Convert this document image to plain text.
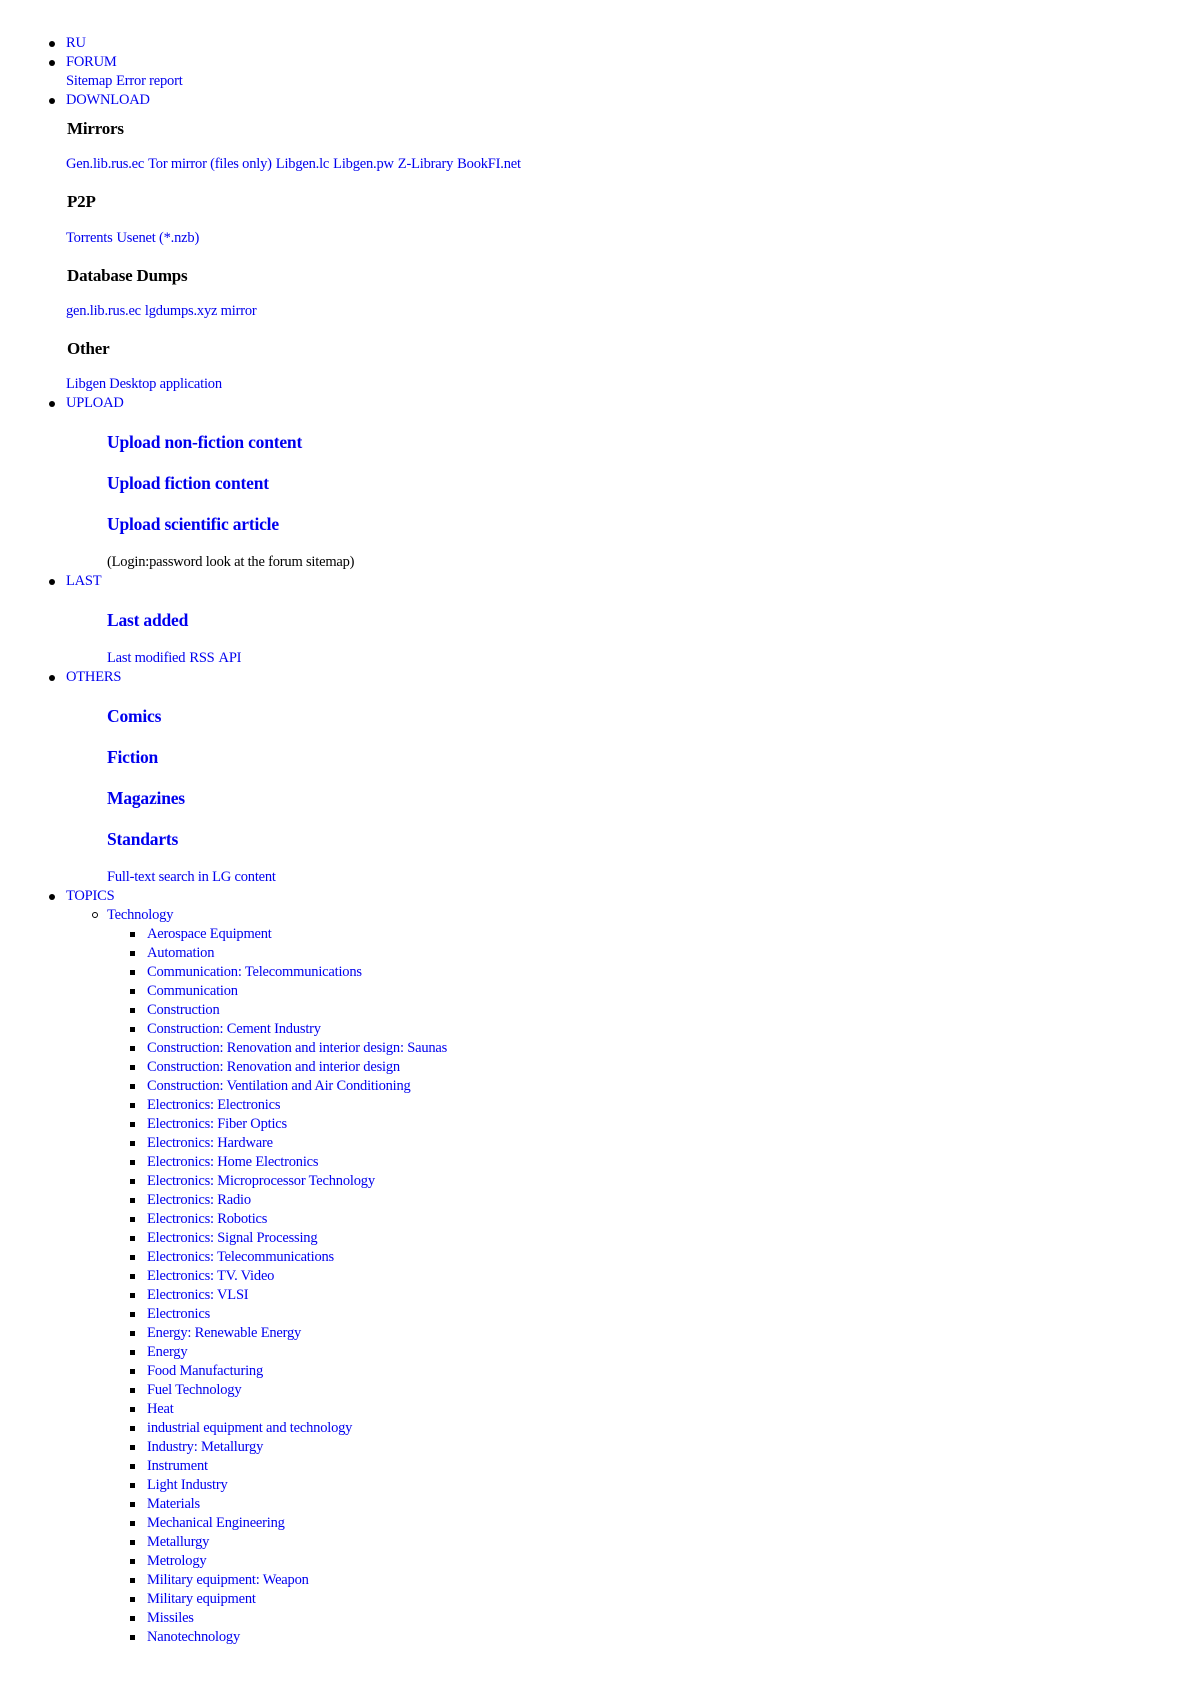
RU
FORUM
Sitemap Error report
DOWNLOAD
Mirrors
Gen.lib.rus.ec Tor mirror (files only) Libgen.lc Libgen.pw Z-Library BookFI.net
P2P
Torrents Usenet (*.nzb)
Database Dumps
gen.lib.rus.ec lgdumps.xyz mirror
Other
Libgen Desktop application
UPLOAD
Upload non-fiction content
Upload fiction content
Upload scientific article
(Login:password look at the forum sitemap)
LAST
Last added
Last modified RSS API
OTHERS
Comics
Fiction
Magazines
Standarts
Full-text search in LG content
TOPICS
Technology
Aerospace Equipment
Automation
Communication: Telecommunications
Communication
Construction
Construction: Cement Industry
Construction: Renovation and interior design: Saunas
Construction: Renovation and interior design
Construction: Ventilation and Air Conditioning
Electronics: Electronics
Electronics: Fiber Optics
Electronics: Hardware
Electronics: Home Electronics
Electronics: Microprocessor Technology
Electronics: Radio
Electronics: Robotics
Electronics: Signal Processing
Electronics: Telecommunications
Electronics: TV. Video
Electronics: VLSI
Electronics
Energy: Renewable Energy
Energy
Food Manufacturing
Fuel Technology
Heat
industrial equipment and technology
Industry: Metallurgy
Instrument
Light Industry
Materials
Mechanical Engineering
Metallurgy
Metrology
Military equipment: Weapon
Military equipment
Missiles
Nanotechnology
